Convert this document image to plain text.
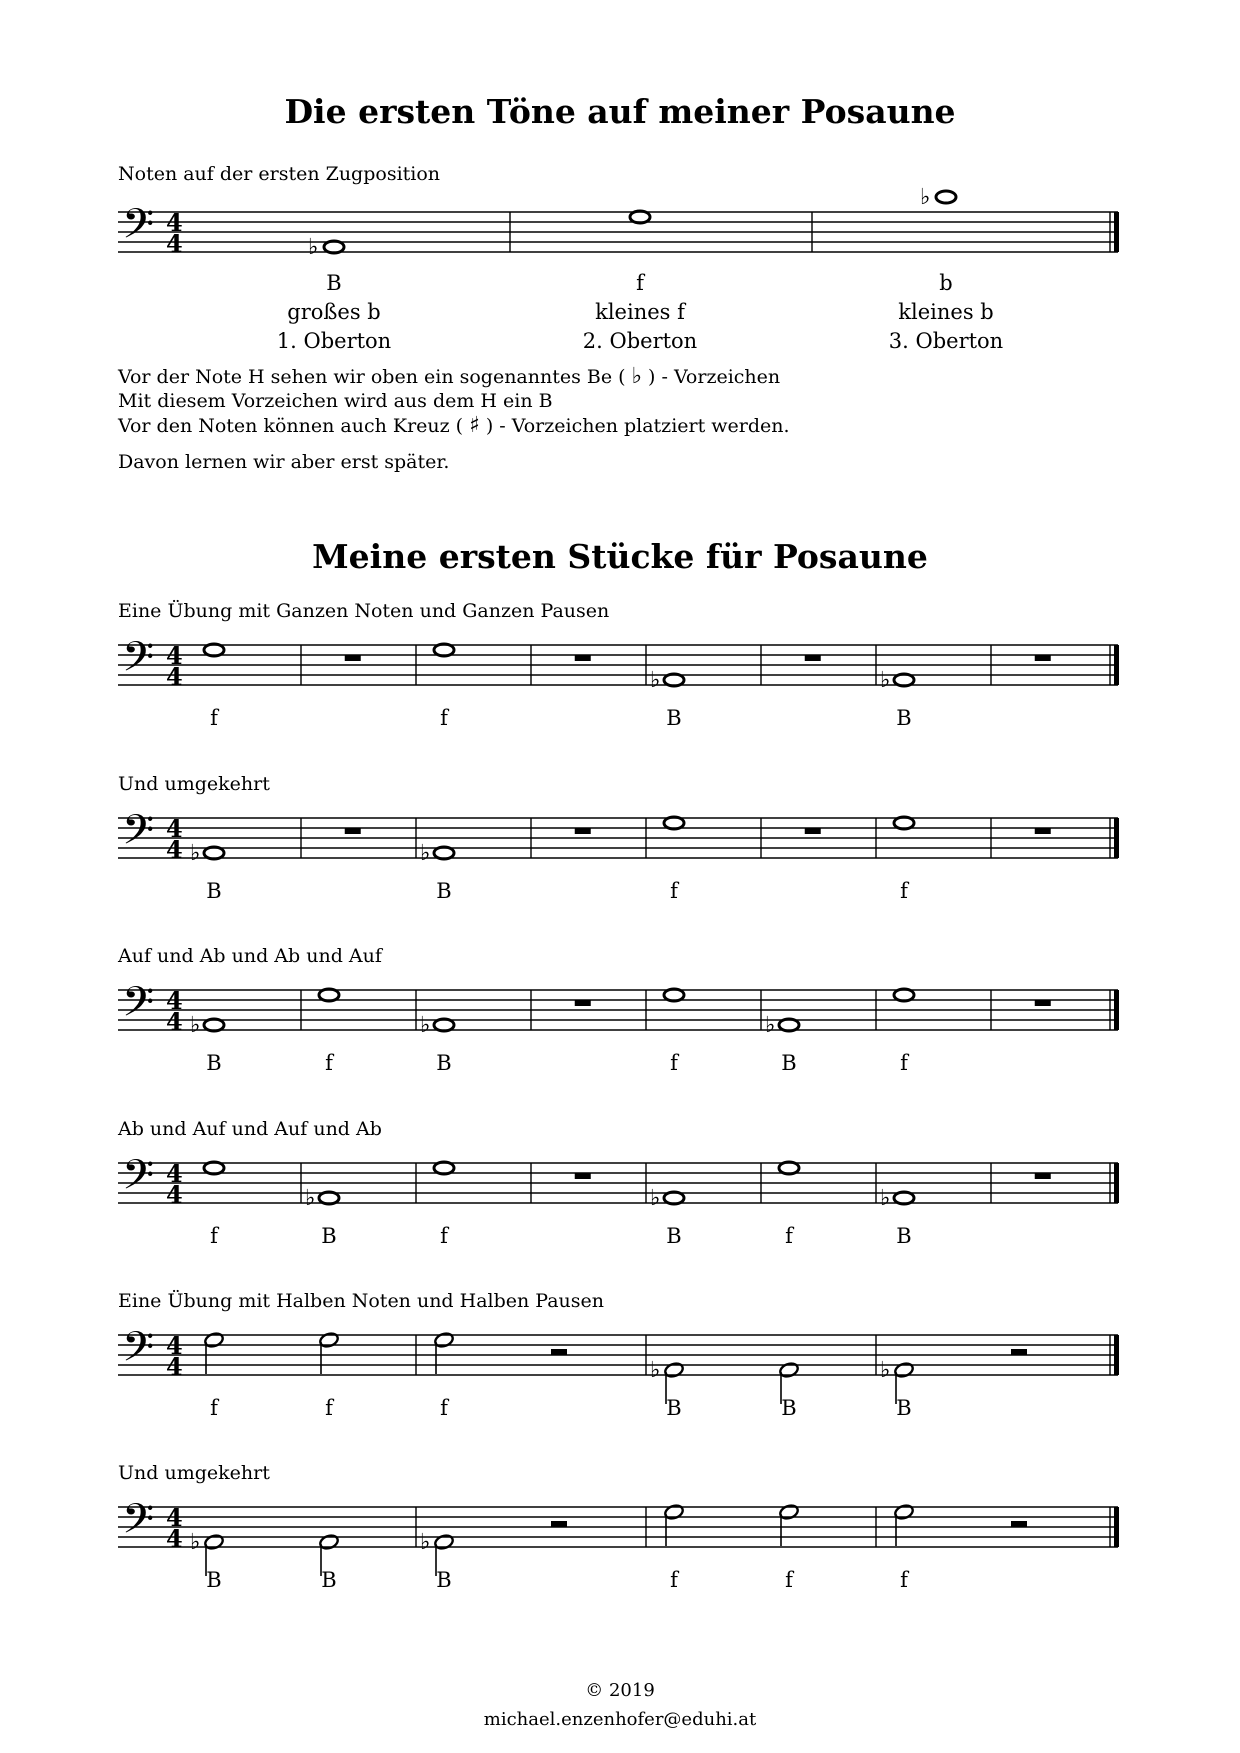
Die ersten Töne auf meiner Posaune
Noten auf der ersten Zugposition
𝄢 4
4	♭
B
großes b
1. Oberton
f
kleines f
2. Oberton
♭
b
kleines b
3. Oberton
Vor der Note H sehen wir oben ein sogenanntes Be ( ♭ ) - Vorzeichen
Mit diesem Vorzeichen wird aus dem H ein B
Vor den Noten können auch Kreuz ( ♯ ) - Vorzeichen platziert werden.
Davon lernen wir aber erst später.
Meine ersten Stücke für Posaune
Eine Übung mit Ganzen Noten und Ganzen Pausen
𝄢 4
4
f	f
♭
B
♭
B
Und umgekehrt
𝄢 4
4 ♭
B
♭
B	f	f
Auf und Ab und Ab und Auf
𝄢 4
4 ♭
B	f
♭
B	f
♭
B	f
Ab und Auf und Auf und Ab
𝄢 4
4
f
♭
B	f
♭
B	f
♭
B
Eine Übung mit Halben Noten und Halben Pausen
𝄢 4
4
f	f	f
♭
B	B
♭
B
Und umgekehrt
𝄢 4
4 ♭
B	B
♭
B	f	f	f
© 2019
michael.enzenhofer@eduhi.at
